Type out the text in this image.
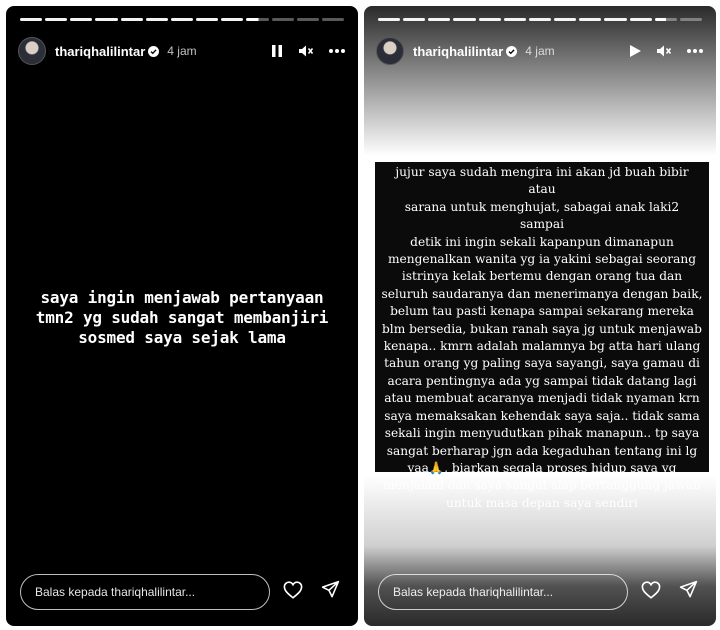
thariqhalilintar 4 jam
saya ingin menjawab pertanyaan
tmn2 yg sudah sangat membanjiri
sosmed saya sejak lama
Balas kepada thariqhalilintar...
thariqhalilintar 4 jam
jujur saya sudah mengira ini akan jd buah bibir atau
sarana untuk menghujat, sabagai anak laki2 sampai
detik ini ingin sekali kapanpun dimanapun
mengenalkan wanita yg ia yakini sebagai seorang
istrinya kelak bertemu dengan orang tua dan
seluruh saudaranya dan menerimanya dengan baik,
belum tau pasti kenapa sampai sekarang mereka
blm bersedia, bukan ranah saya jg untuk menjawab
kenapa.. kmrn adalah malamnya bg atta hari ulang
tahun orang yg paling saya sayangi, saya gamau di
acara pentingnya ada yg sampai tidak datang lagi
atau membuat acaranya menjadi tidak nyaman krn
saya memaksakan kehendak saya saja.. tidak sama
sekali ingin menyudutkan pihak manapun.. tp saya
sangat berharap jgn ada kegaduhan tentang ini lg
yaa🙏, biarkan segala proses hidup saya yg
menjalani dan saya sangat siap bertanggung jawab
untuk masa depan saya sendiri
Balas kepada thariqhalilintar...
